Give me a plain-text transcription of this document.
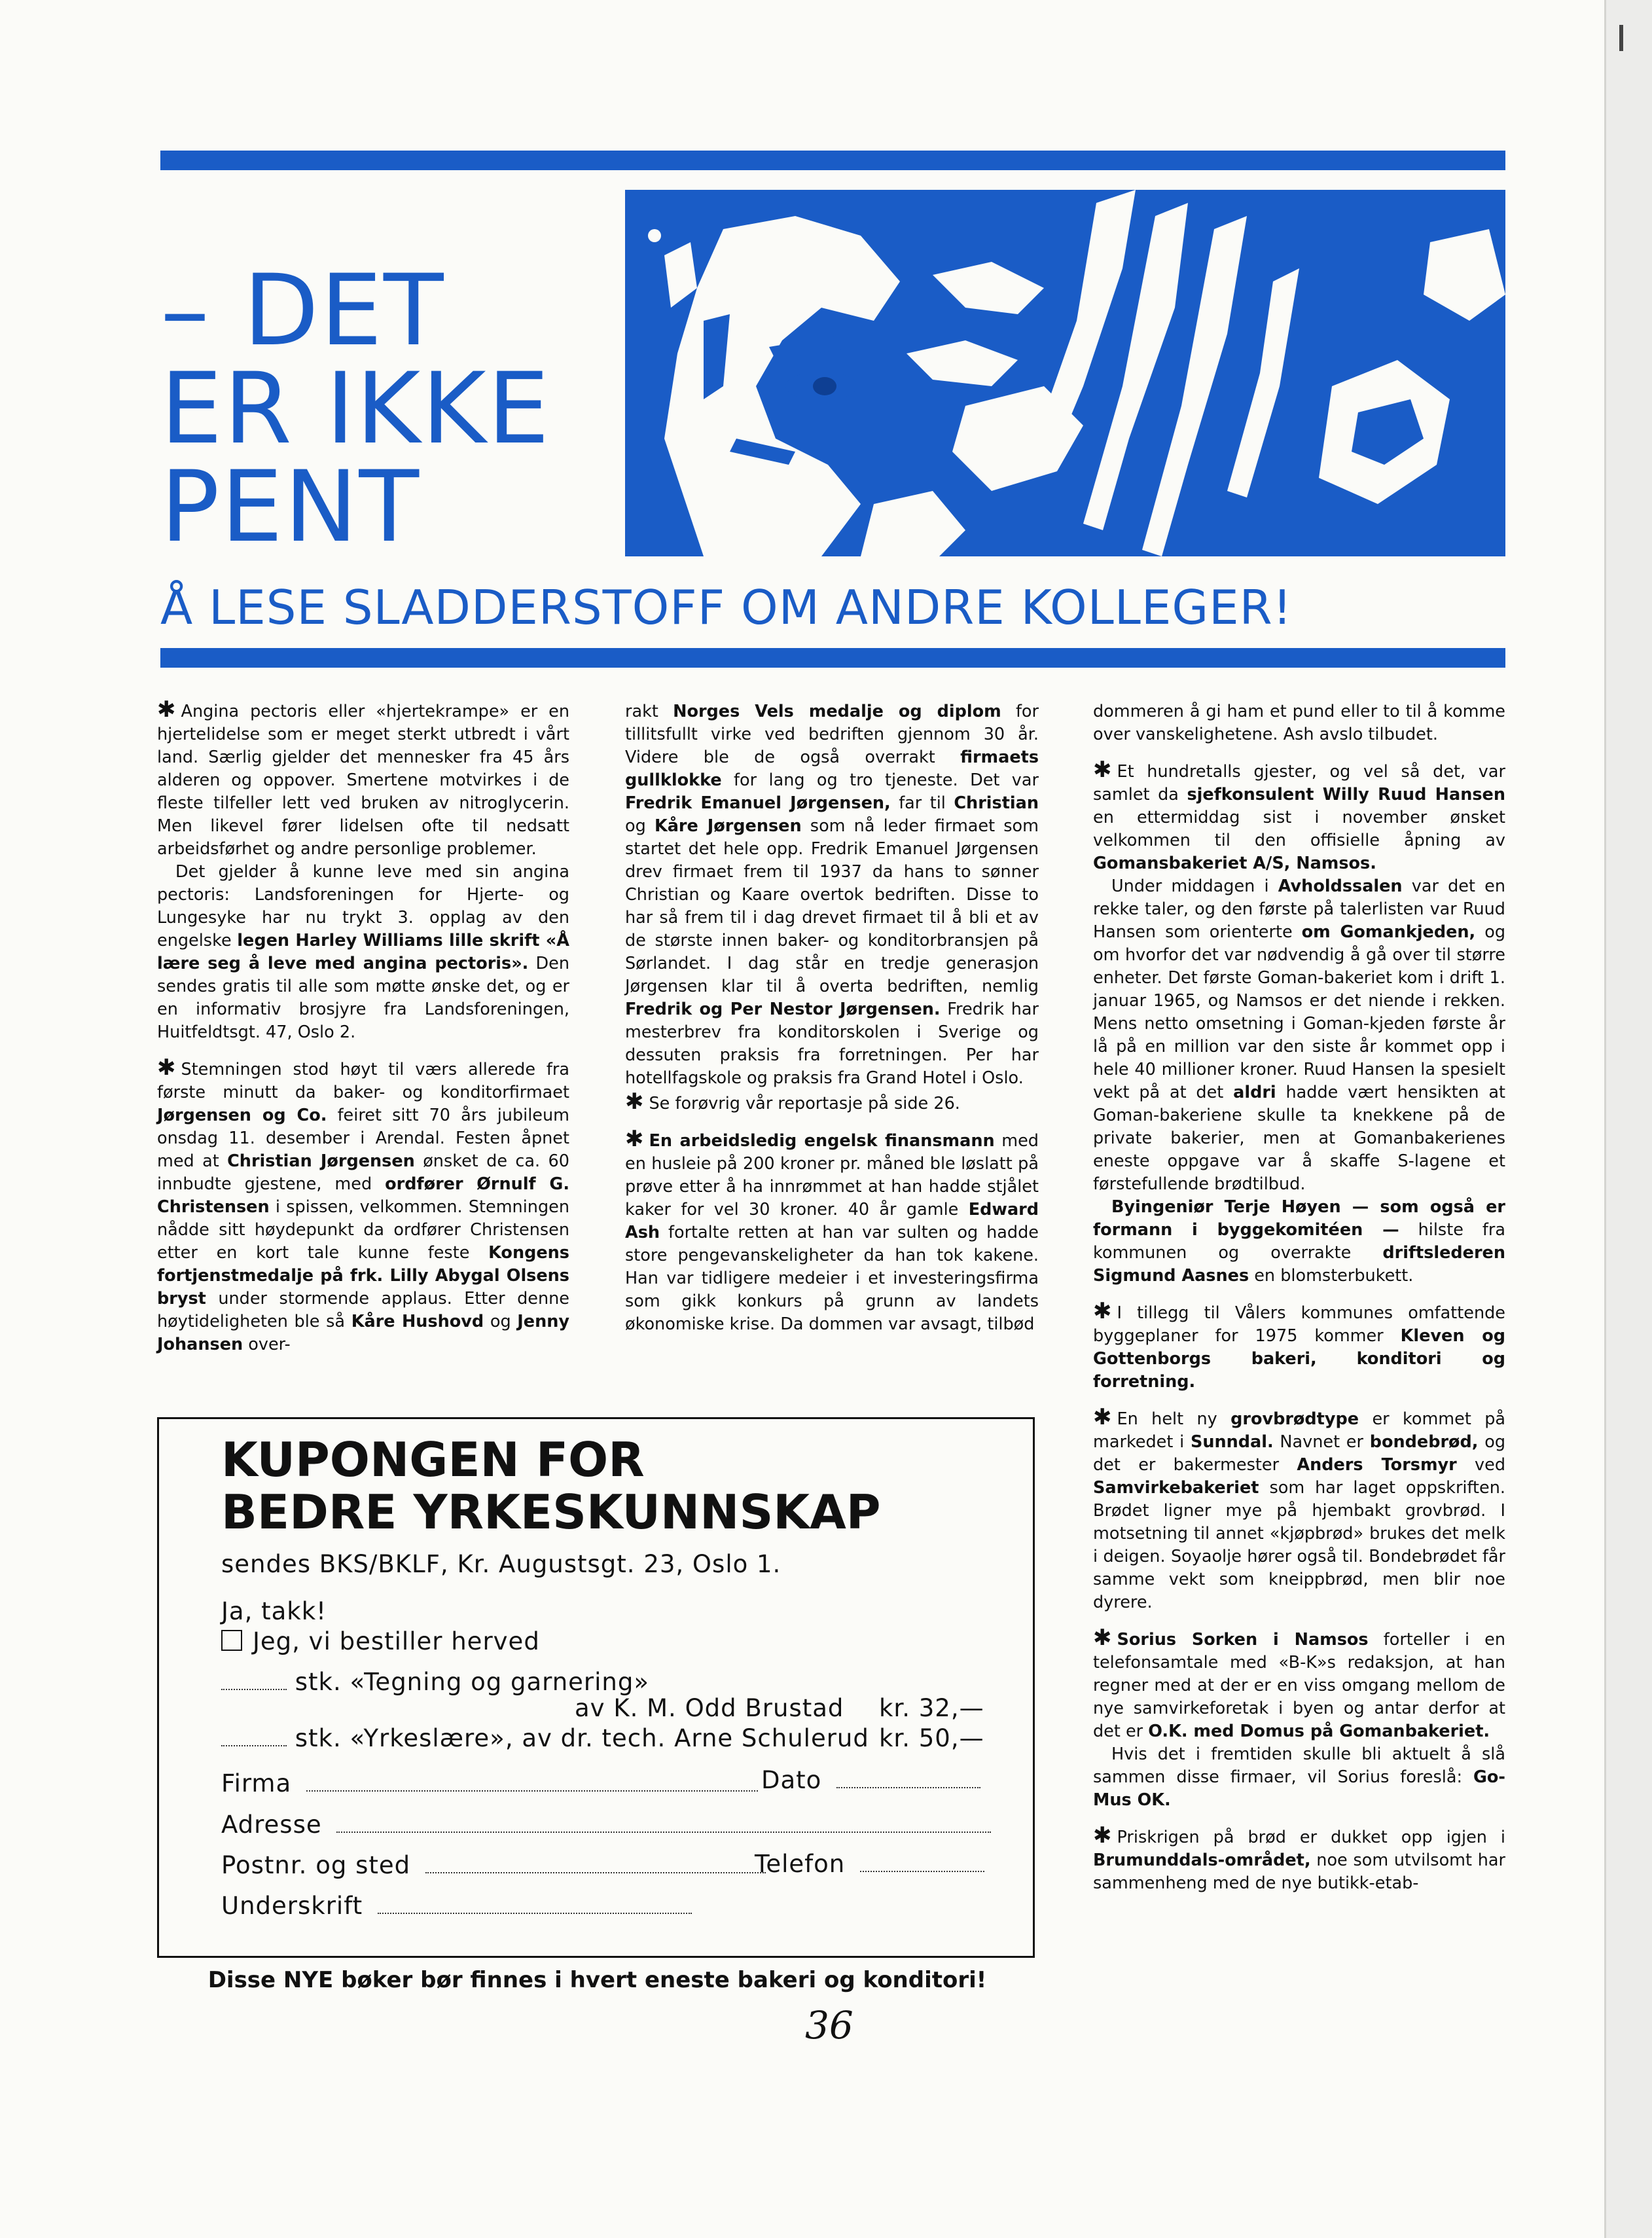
– DET
ER IKKE
PENT
Å LESE SLADDERSTOFF OM ANDRE KOLLEGER!

✱ Angina pectoris eller «hjertekrampe» er en hjertelidelse som er meget sterkt utbredt i vårt land. Særlig gjelder det mennesker fra 45 års alderen og oppover. Smertene motvirkes i de fleste tilfeller lett ved bruken av nitroglycerin. Men likevel fører lidelsen ofte til nedsatt arbeidsførhet og andre personlige problemer.

Det gjelder å kunne leve med sin angina pectoris: Landsforeningen for Hjerte- og Lungesyke har nu trykt 3. opplag av den engelske legen Harley Williams lille skrift «Å lære seg å leve med angina pectoris». Den sendes gratis til alle som møtte ønske det, og er en informativ brosjyre fra Landsforeningen, Huitfeldtsgt. 47, Oslo 2.

✱ Stemningen stod høyt til værs allerede fra første minutt da baker- og konditorfirmaet Jørgensen og Co. feiret sitt 70 års jubileum onsdag 11. desember i Arendal. Festen åpnet med at Christian Jørgensen ønsket de ca. 60 innbudte gjestene, med ordfører Ørnulf G. Christensen i spissen, velkommen. Stemningen nådde sitt høydepunkt da ordfører Christensen etter en kort tale kunne feste Kongens fortjenstmedalje på frk. Lilly Abygal Olsens bryst under stormende applaus. Etter denne høytideligheten ble så Kåre Hushovd og Jenny Johansen over-

rakt Norges Vels medalje og diplom for tillitsfullt virke ved bedriften gjennom 30 år. Videre ble de også overrakt firmaets gullklokke for lang og tro tjeneste. Det var Fredrik Emanuel Jørgensen, far til Christian og Kåre Jørgensen som nå leder firmaet som startet det hele opp. Fredrik Emanuel Jørgensen drev firmaet frem til 1937 da hans to sønner Christian og Kaare overtok bedriften. Disse to har så frem til i dag drevet firmaet til å bli et av de største innen baker- og konditorbransjen på Sørlandet. I dag står en tredje generasjon Jørgensen klar til å overta bedriften, nemlig Fredrik og Per Nestor Jørgensen. Fredrik har mesterbrev fra konditorskolen i Sverige og dessuten praksis fra forretningen. Per har hotellfagskole og praksis fra Grand Hotel i Oslo.

✱ Se forøvrig vår reportasje på side 26.

✱ En arbeidsledig engelsk finansmann med en husleie på 200 kroner pr. måned ble løslatt på prøve etter å ha innrømmet at han hadde stjålet kaker for vel 30 kroner. 40 år gamle Edward Ash fortalte retten at han var sulten og hadde store pengevanskeligheter da han tok kakene. Han var tidligere medeier i et investeringsfirma som gikk konkurs på grunn av landets økonomiske krise. Da dommen var avsagt, tilbød

dommeren å gi ham et pund eller to til å komme over vanskelighetene. Ash avslo tilbudet.

✱ Et hundretalls gjester, og vel så det, var samlet da sjefkonsulent Willy Ruud Hansen en ettermiddag sist i november ønsket velkommen til den offisielle åpning av Gomansbakeriet A/S, Namsos.

Under middagen i Avholdssalen var det en rekke taler, og den første på talerlisten var Ruud Hansen som orienterte om Gomankjeden, og om hvorfor det var nødvendig å gå over til større enheter. Det første Goman-bakeriet kom i drift 1. januar 1965, og Namsos er det niende i rekken. Mens netto omsetning i Goman-kjeden første år lå på en million var den siste år kommet opp i hele 40 millioner kroner. Ruud Hansen la spesielt vekt på at det aldri hadde vært hensikten at Goman-bakeriene skulle ta knekkene på de private bakerier, men at Gomanbakerienes eneste oppgave var å skaffe S-lagene et førstefullende brødtilbud.

Byingeniør Terje Høyen — som også er formann i byggekomitéen — hilste fra kommunen og overrakte driftslederen Sigmund Aasnes en blomsterbukett.

✱ I tillegg til Vålers kommunes omfattende byggeplaner for 1975 kommer Kleven og Gottenborgs bakeri, konditori og forretning.

✱ En helt ny grovbrødtype er kommet på markedet i Sunndal. Navnet er bondebrød, og det er bakermester Anders Torsmyr ved Samvirkebakeriet som har laget oppskriften. Brødet ligner mye på hjembakt grovbrød. I motsetning til annet «kjøpbrød» brukes det melk i deigen. Soyaolje hører også til. Bondebrødet får samme vekt som kneippbrød, men blir noe dyrere.

✱ Sorius Sorken i Namsos forteller i en telefonsamtale med «B-K»s redaksjon, at han regner med at der er en viss omgang mellom de nye samvirkeforetak i byen og antar derfor at det er O.K. med Domus på Gomanbakeriet.

Hvis det i fremtiden skulle bli aktuelt å slå sammen disse firmaer, vil Sorius foreslå: Go-Mus OK.

✱ Priskrigen på brød er dukket opp igjen i Brumunddals-området, noe som utvilsomt har sammenheng med de nye butikk-etab-

KUPONGEN FOR
BEDRE YRKESKUNNSKAP
sendes BKS/BKLF, Kr. Augustsgt. 23, Oslo 1.
Ja, takk!
Jeg, vi bestiller herved
stk. «Tegning og garnering»
av K. M. Odd Brustad kr. 32,—
stk. «Yrkeslære», av dr. tech. Arne Schulerud kr. 50,—
Firma	Dato
Adresse
Postnr. og sted	Telefon
Underskrift
Disse NYE bøker bør finnes i hvert eneste bakeri og konditori!
36
